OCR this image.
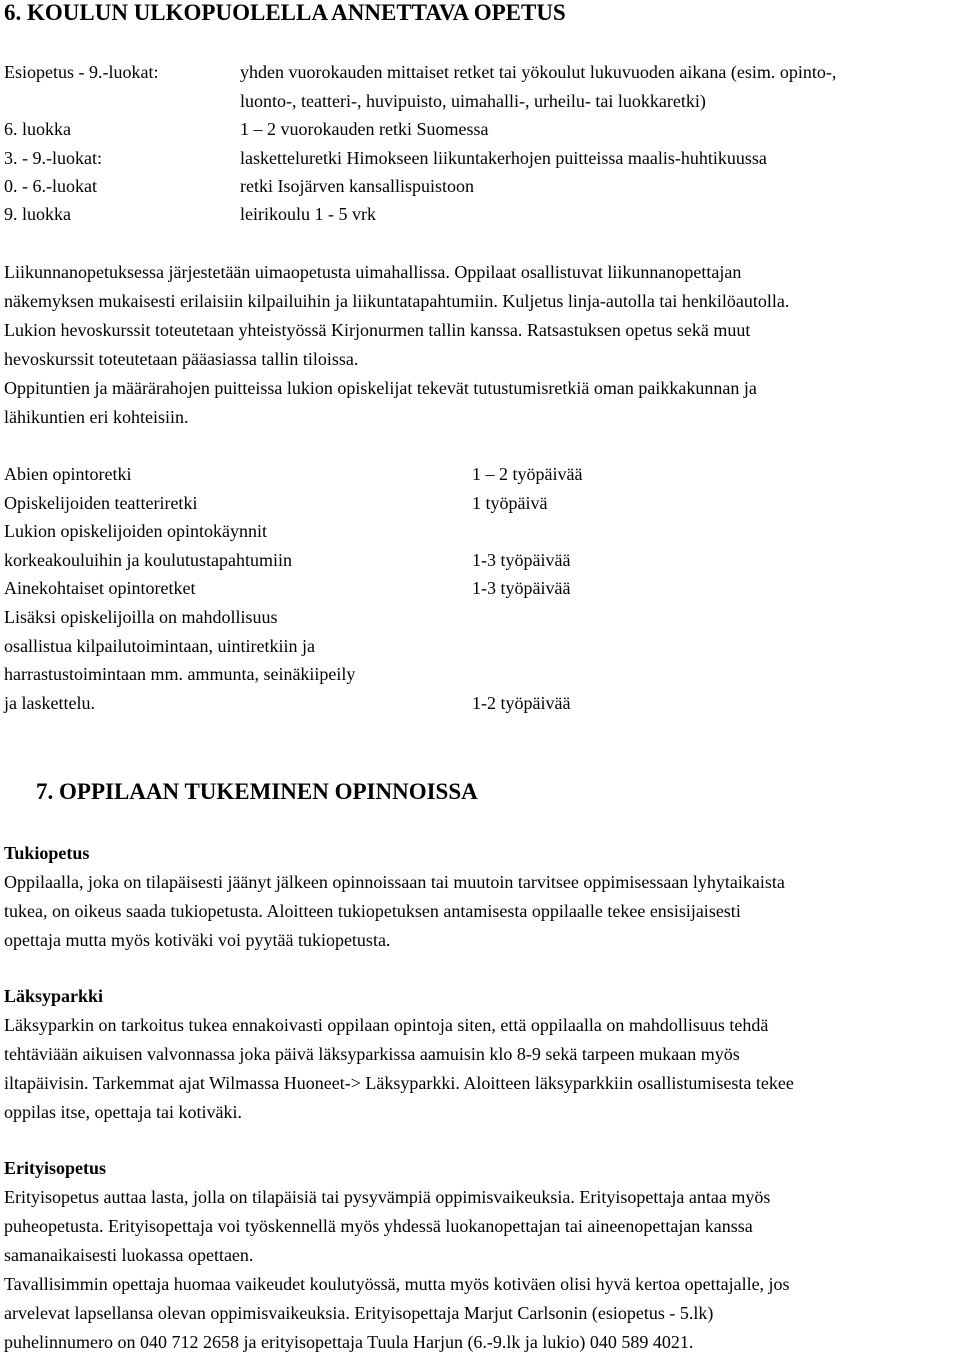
6. KOULUN ULKOPUOLELLA ANNETTAVA OPETUS
Esiopetus - 9.-luokat:	yhden vuorokauden mittaiset retket tai yökoulut lukuvuoden aikana (esim. opinto-,
luonto-, teatteri-, huvipuisto, uimahalli-, urheilu- tai luokkaretki)
6. luokka	1 – 2 vuorokauden retki Suomessa
3. - 9.-luokat:	lasketteluretki Himokseen liikuntakerhojen puitteissa maalis-huhtikuussa
0. - 6.-luokat	retki Isojärven kansallispuistoon
9. luokka	leirikoulu 1 - 5 vrk
Liikunnanopetuksessa järjestetään uimaopetusta uimahallissa. Oppilaat osallistuvat liikunnanopettajan
näkemyksen mukaisesti erilaisiin kilpailuihin ja liikuntatapahtumiin. Kuljetus linja-autolla tai henkilöautolla.
Lukion hevoskurssit toteutetaan yhteistyössä Kirjonurmen tallin kanssa. Ratsastuksen opetus sekä muut
hevoskurssit toteutetaan pääasiassa tallin tiloissa.
Oppituntien ja määrärahojen puitteissa lukion opiskelijat tekevät tutustumisretkiä oman paikkakunnan ja
lähikuntien eri kohteisiin.
Abien opintoretki	1 – 2 työpäivää
Opiskelijoiden teatteriretki	1 työpäivä
Lukion opiskelijoiden opintokäynnit
korkeakouluihin ja koulutustapahtumiin	1-3 työpäivää
Ainekohtaiset opintoretket	1-3 työpäivää
Lisäksi opiskelijoilla on mahdollisuus
osallistua kilpailutoimintaan, uintiretkiin ja
harrastustoimintaan mm. ammunta, seinäkiipeily
ja laskettelu.	1-2 työpäivää
7. OPPILAAN TUKEMINEN OPINNOISSA
Tukiopetus
Oppilaalla, joka on tilapäisesti jäänyt jälkeen opinnoissaan tai muutoin tarvitsee oppimisessaan lyhytaikaista
tukea, on oikeus saada tukiopetusta. Aloitteen tukiopetuksen antamisesta oppilaalle tekee ensisijaisesti
opettaja mutta myös kotiväki voi pyytää tukiopetusta.
Läksyparkki
Läksyparkin on tarkoitus tukea ennakoivasti oppilaan opintoja siten, että oppilaalla on mahdollisuus tehdä
tehtäviään aikuisen valvonnassa joka päivä läksyparkissa aamuisin klo 8-9 sekä tarpeen mukaan myös
iltapäivisin. Tarkemmat ajat Wilmassa Huoneet-> Läksyparkki. Aloitteen läksyparkkiin osallistumisesta tekee
oppilas itse, opettaja tai kotiväki.
Erityisopetus
Erityisopetus auttaa lasta, jolla on tilapäisiä tai pysyvämpiä oppimisvaikeuksia. Erityisopettaja antaa myös
puheopetusta. Erityisopettaja voi työskennellä myös yhdessä luokanopettajan tai aineenopettajan kanssa
samanaikaisesti luokassa opettaen.
Tavallisimmin opettaja huomaa vaikeudet koulutyössä, mutta myös kotiväen olisi hyvä kertoa opettajalle, jos
arvelevat lapsellansa olevan oppimisvaikeuksia. Erityisopettaja Marjut Carlsonin (esiopetus - 5.lk)
puhelinnumero on 040 712 2658 ja erityisopettaja Tuula Harjun (6.-9.lk ja lukio) 040 589 4021.
